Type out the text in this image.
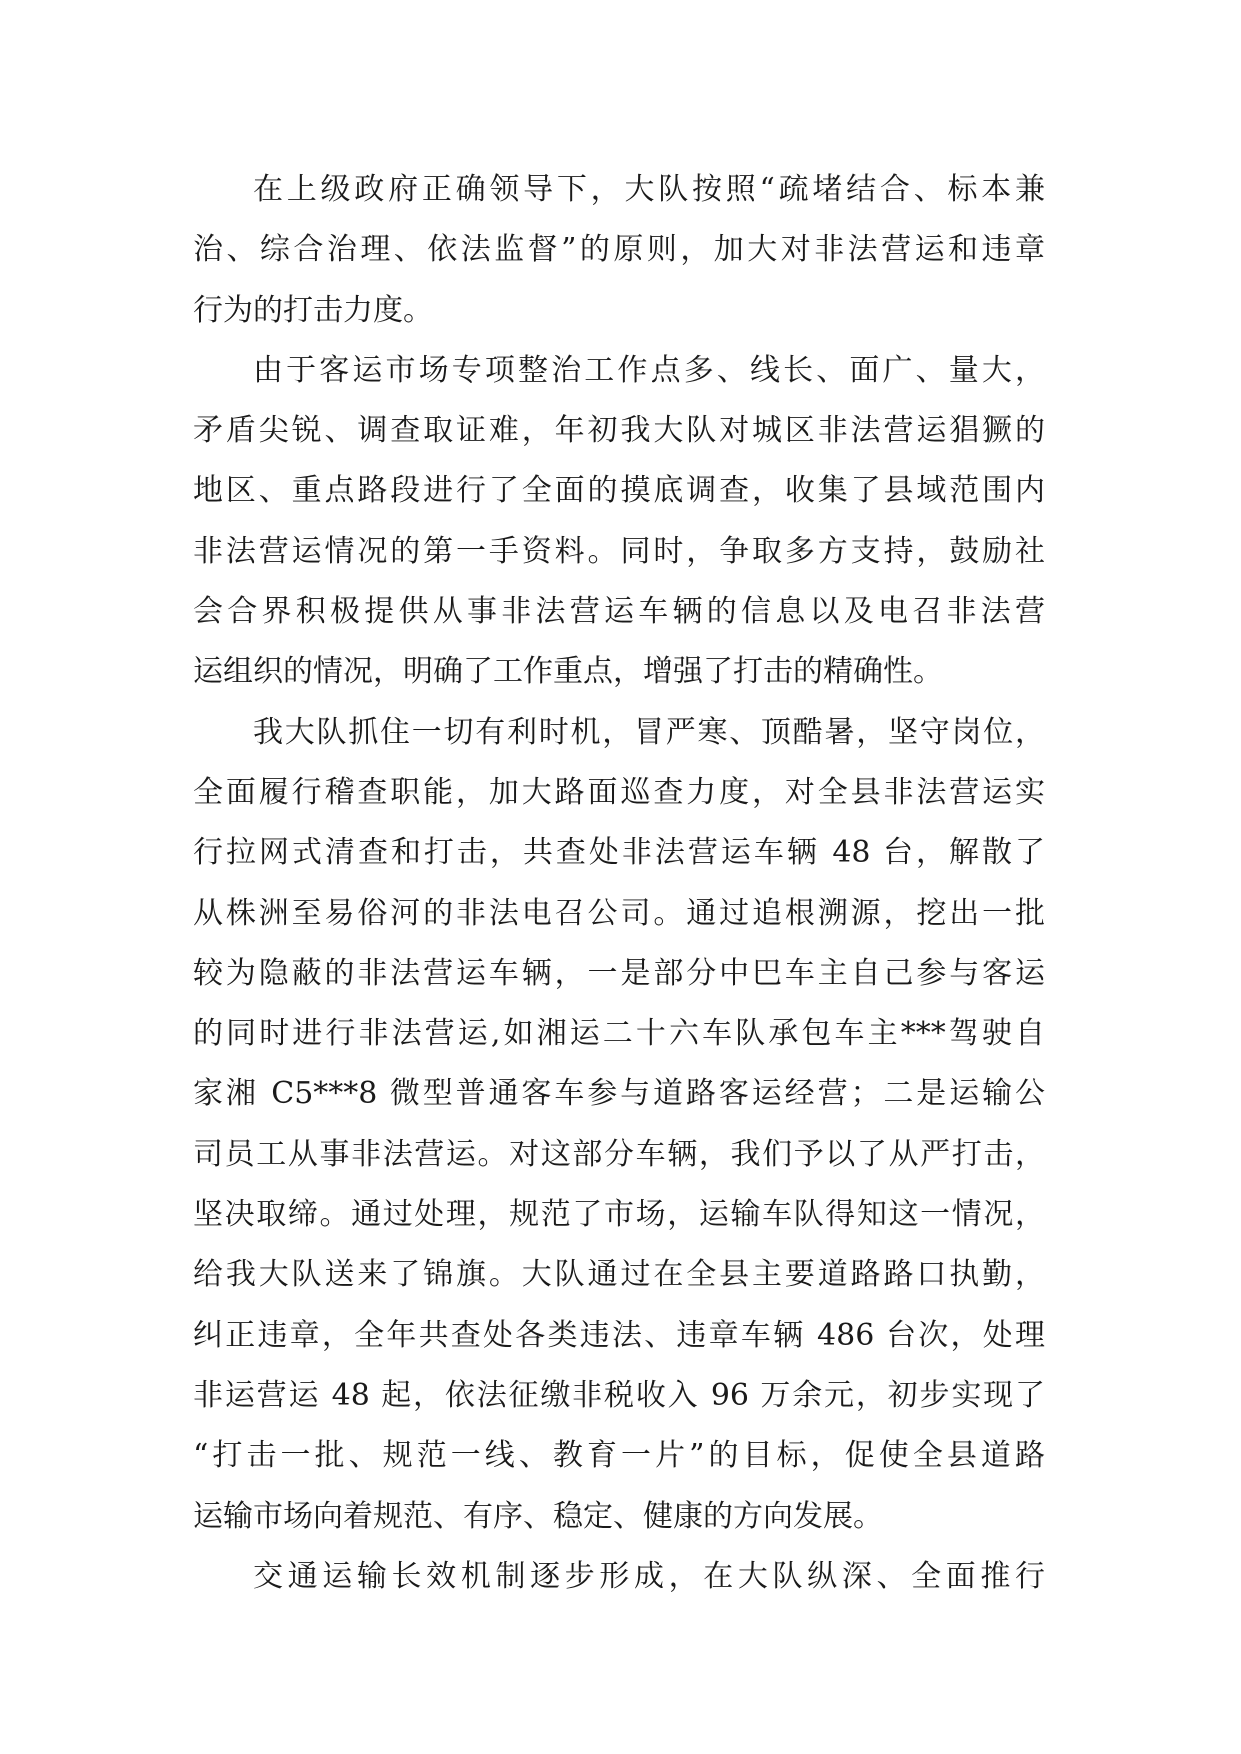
在上级政府正确领导下，大队按照“疏堵结合、标本兼
治、综合治理、依法监督”的原则，加大对非法营运和违章
行为的打击力度。
由于客运市场专项整治工作点多、线长、面广、量大，
矛盾尖锐、调查取证难，年初我大队对城区非法营运猖獗的
地区、重点路段进行了全面的摸底调查，收集了县域范围内
非法营运情况的第一手资料。同时，争取多方支持，鼓励社
会合界积极提供从事非法营运车辆的信息以及电召非法营
运组织的情况，明确了工作重点，增强了打击的精确性。
我大队抓住一切有利时机，冒严寒、顶酷暑，坚守岗位，
全面履行稽查职能，加大路面巡查力度，对全县非法营运实
行拉网式清查和打击，共查处非法营运车辆 48 台，解散了
从株洲至易俗河的非法电召公司。通过追根溯源，挖出一批
较为隐蔽的非法营运车辆，一是部分中巴车主自己参与客运
的同时进行非法营运,如湘运二十六车队承包车主***驾驶自
家湘 C5***8 微型普通客车参与道路客运经营；二是运输公
司员工从事非法营运。对这部分车辆，我们予以了从严打击，
坚决取缔。通过处理，规范了市场，运输车队得知这一情况，
给我大队送来了锦旗。大队通过在全县主要道路路口执勤，
纠正违章，全年共查处各类违法、违章车辆 486 台次，处理
非运营运 48 起，依法征缴非税收入 96 万余元，初步实现了
“打击一批、规范一线、教育一片”的目标，促使全县道路
运输市场向着规范、有序、稳定、健康的方向发展。
交通运输长效机制逐步形成，在大队纵深、全面推行
